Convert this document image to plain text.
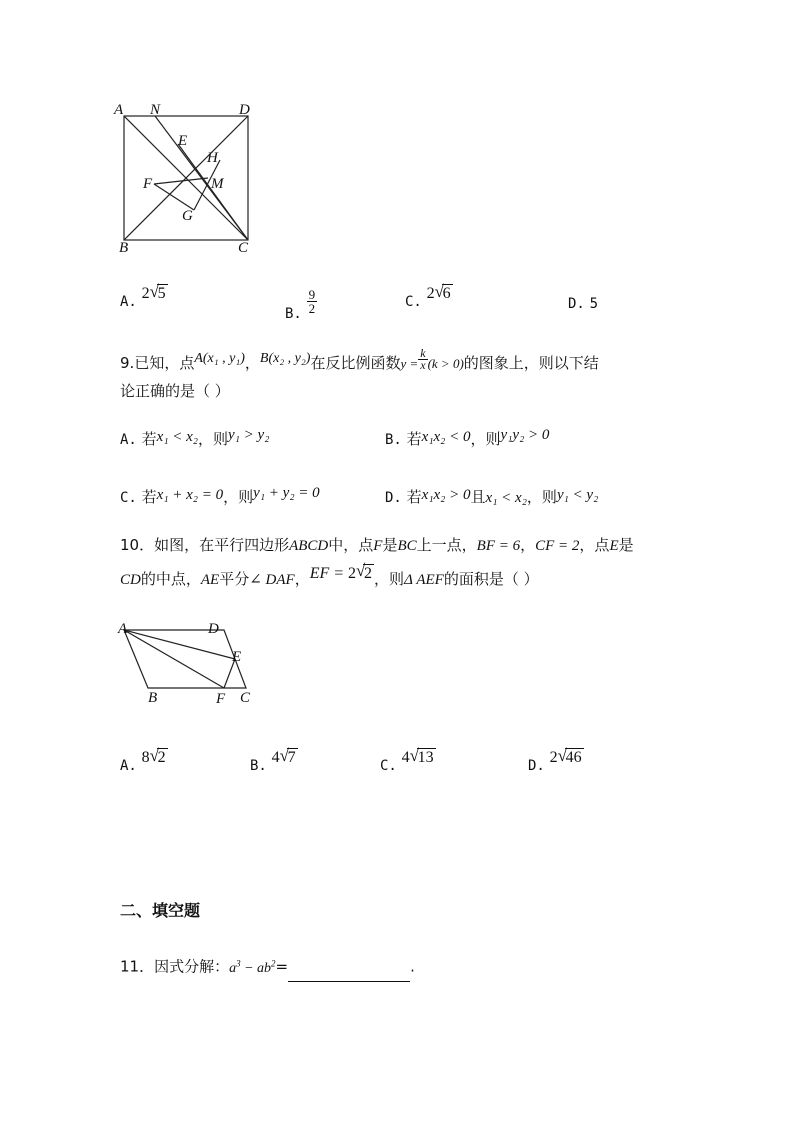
A N	D
E
H
F	M
G
B	C
A. 2 √
5
B. $\frac{9}{2}$	C. 2 √
6
D. 5
9.已知，点A(x₁ , y₁)，B(x₂ , y₂)在反比例函数$y = \frac{k}{x} (k > 0)$的图象上，则以下结
论正确的是（ ）
A. 若x₁ < x₂，则y₁ > y₂	B. 若x₁x₂ < 0，则y₁y₂ > 0
C. 若x₁ + x₂ = 0，则y₁ + y₂ = 0	D. 若x₁x₂ > 0且x₁ < x₂，则y₁ < y₂
10．如图，在平行四边形ABCD中，点F是BC上一点，BF = 6，CF = 2，点E是
CD的中点，AE平分∠ DAF，EF = 2 √
2 ，则Δ AEF的面积是（ ）
A	D
E
B	F C
A. 8 √
2	B. 4 √
7	C. 4 √
13	D. 2 √
46
二、填空题
11．因式分解：$a^3 - ab^2=$	.
